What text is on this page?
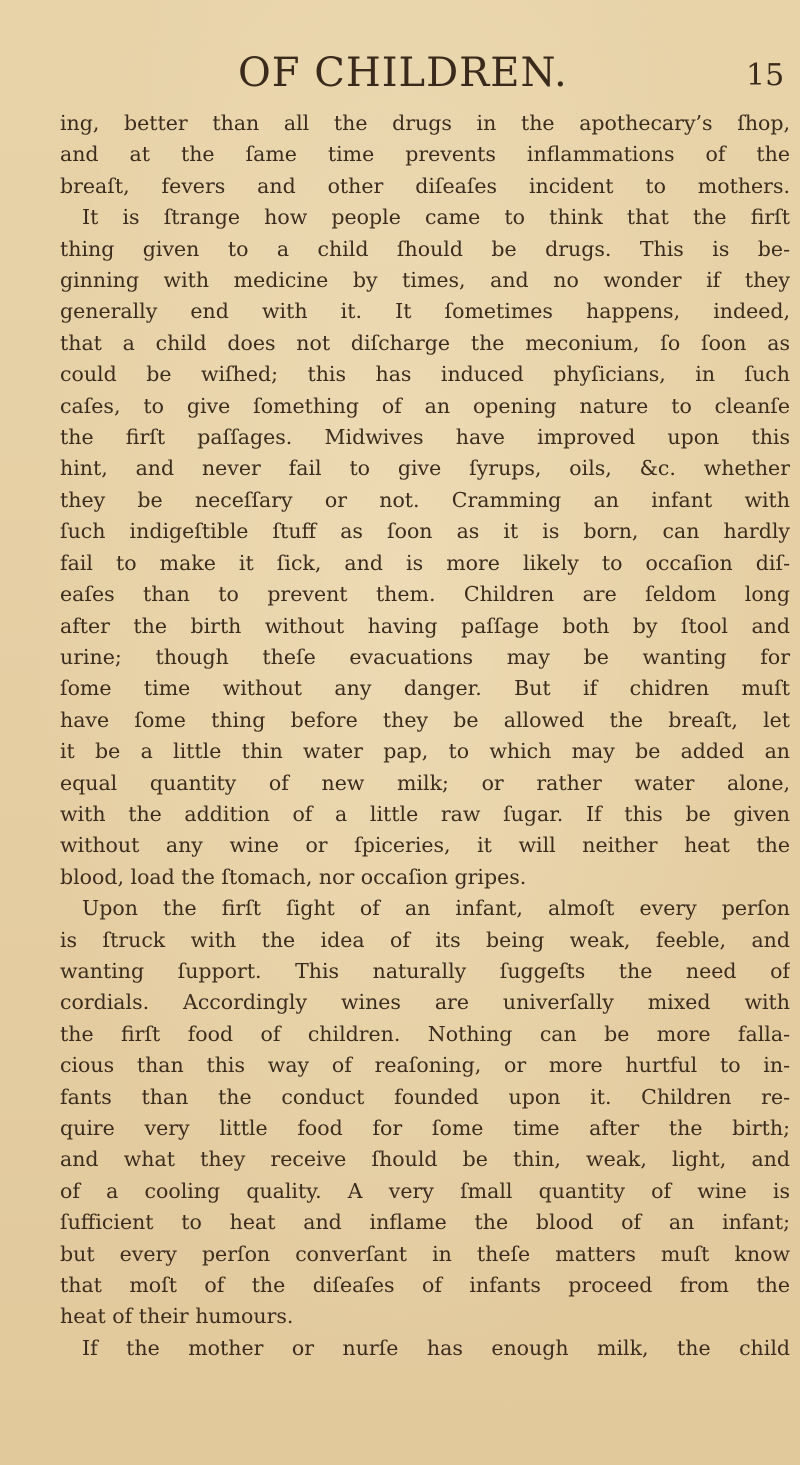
OF CHILDREN.	15
ing, better than all the drugs in the apothecary’s ſhop,
and at the ſame time prevents inflammations of the
breaſt, fevers and other diſeaſes incident to mothers.
It is ſtrange how people came to think that the firſt
thing given to a child ſhould be drugs. This is be-
ginning with medicine by times, and no wonder if they
generally end with it. It ſometimes happens, indeed,
that a child does not diſcharge the meconium, ſo ſoon as
could be wiſhed; this has induced phyſicians, in ſuch
caſes, to give ſomething of an opening nature to cleanſe
the firſt paſſages. Midwives have improved upon this
hint, and never fail to give ſyrups, oils, &c. whether
they be neceſſary or not. Cramming an infant with
ſuch indigeſtible ſtuff as ſoon as it is born, can hardly
fail to make it ſick, and is more likely to occaſion diſ-
eaſes than to prevent them. Children are ſeldom long
after the birth without having paſſage both by ſtool and
urine; though theſe evacuations may be wanting for
ſome time without any danger. But if chidren muſt
have ſome thing before they be allowed the breaſt, let
it be a little thin water pap, to which may be added an
equal quantity of new milk; or rather water alone,
with the addition of a little raw ſugar. If this be given
without any wine or ſpiceries, it will neither heat the
blood, load the ſtomach, nor occaſion gripes.
Upon the firſt ſight of an infant, almoſt every perſon
is ſtruck with the idea of its being weak, feeble, and
wanting ſupport. This naturally ſuggeſts the need of
cordials. Accordingly wines are univerſally mixed with
the firſt food of children. Nothing can be more falla-
cious than this way of reaſoning, or more hurtful to in-
fants than the conduct founded upon it. Children re-
quire very little food for ſome time after the birth;
and what they receive ſhould be thin, weak, light, and
of a cooling quality. A very ſmall quantity of wine is
ſufficient to heat and inflame the blood of an infant;
but every perſon converſant in theſe matters muſt know
that moſt of the diſeaſes of infants proceed from the
heat of their humours.
If the mother or nurſe has enough milk, the child
